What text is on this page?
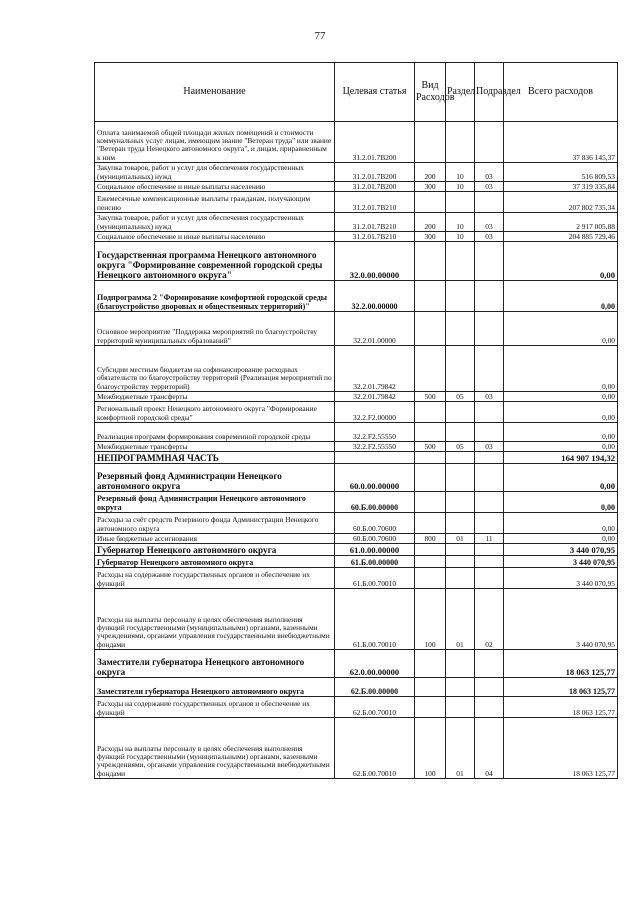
77
Наименование	Целевая статья	Вид Расходов	Раздел	Подраздел	Всего расходов
Оплата занимаемой общей площади жилых помещений и стоимости коммунальных услуг лицам, имеющим звание "Ветеран труда" или звание "Ветеран труда Ненецкого автономного округа", и лицам, приравненным к ним	31.2.01.7В200				37 836 145,37
Закупка товаров, работ и услуг для обеспечения государственных (муниципальных) нужд	31.2.01.7В200	200	10	03	516 809,53
Социальное обеспечение и иные выплаты населению	31.2.01.7В200	300	10	03	37 319 335,84
Ежемесячные компенсационные выплаты гражданам, получающим пенсию	31.2.01.7В210				207 802 735,34
Закупка товаров, работ и услуг для обеспечения государственных (муниципальных) нужд	31.2.01.7В210	200	10	03	2 917 005,88
Социальное обеспечение и иные выплаты населению	31.2.01.7В210	300	10	03	204 885 729,46
Государственная программа Ненецкого автономного округа "Формирование современной городской среды Ненецкого автономного округа"	32.0.00.00000				0,00
Подпрограмма 2 "Формирование комфортной городской среды (благоустройство дворовых и общественных территорий)"	32.2.00.00000				0,00
Основное мероприятие "Поддержка мероприятий по благоустройству территорий муниципальных образований"	32.2.01.00000				0,00
Субсидии местным бюджетам на софинансирование расходных обязательств по благоустройству территорий (Реализация мероприятий по благоустройству территорий)	32.2.01.79842				0,00
Межбюджетные трансферты	32.2.01.79842	500	05	03	0,00
Региональный проект Ненецкого автономного округа "Формирование комфортной городской среды"	32.2.F2.00000				0,00
Реализация программ формирования современной городской среды	32.2.F2.55550				0,00
Межбюджетные трансферты	32.2.F2.55550	500	05	03	0,00
НЕПРОГРАММНАЯ ЧАСТЬ					164 907 194,32
Резервный фонд Администрации Ненецкого автономного округа	60.0.00.00000				0,00
Резервный фонд Администрации Ненецкого автономного округа	60.Б.00.00000				0,00
Расходы за счёт средств Резервного фонда Администрации Ненецкого автономного округа	60.Б.00.70600				0,00
Иные бюджетные ассигнования	60.Б.00.70600	800	01	11	0,00
Губернатор Ненецкого автономного округа	61.0.00.00000				3 440 070,95
Губернатор Ненецкого автономного округа	61.Б.00.00000				3 440 070,95
Расходы на содержание государственных органов и обеспечение их функций	61.Б.00.70010				3 440 070,95
Расходы на выплаты персоналу в целях обеспечения выполнения функций государственными (муниципальными) органами, казенными учреждениями, органами управления государственными внебюджетными фондами	61.Б.00.70010	100	01	02	3 440 070,95
Заместители губернатора Ненецкого автономного округа	62.0.00.00000				18 063 125,77
Заместители губернатора Ненецкого автономного округа	62.Б.00.00000				18 063 125,77
Расходы на содержание государственных органов и обеспечение их функций	62.Б.00.70010				18 063 125,77
Расходы на выплаты персоналу в целях обеспечения выполнения функций государственными (муниципальными) органами, казенными учреждениями, органами управления государственными внебюджетными фондами	62.Б.00.70010	100	01	04	18 063 125,77
